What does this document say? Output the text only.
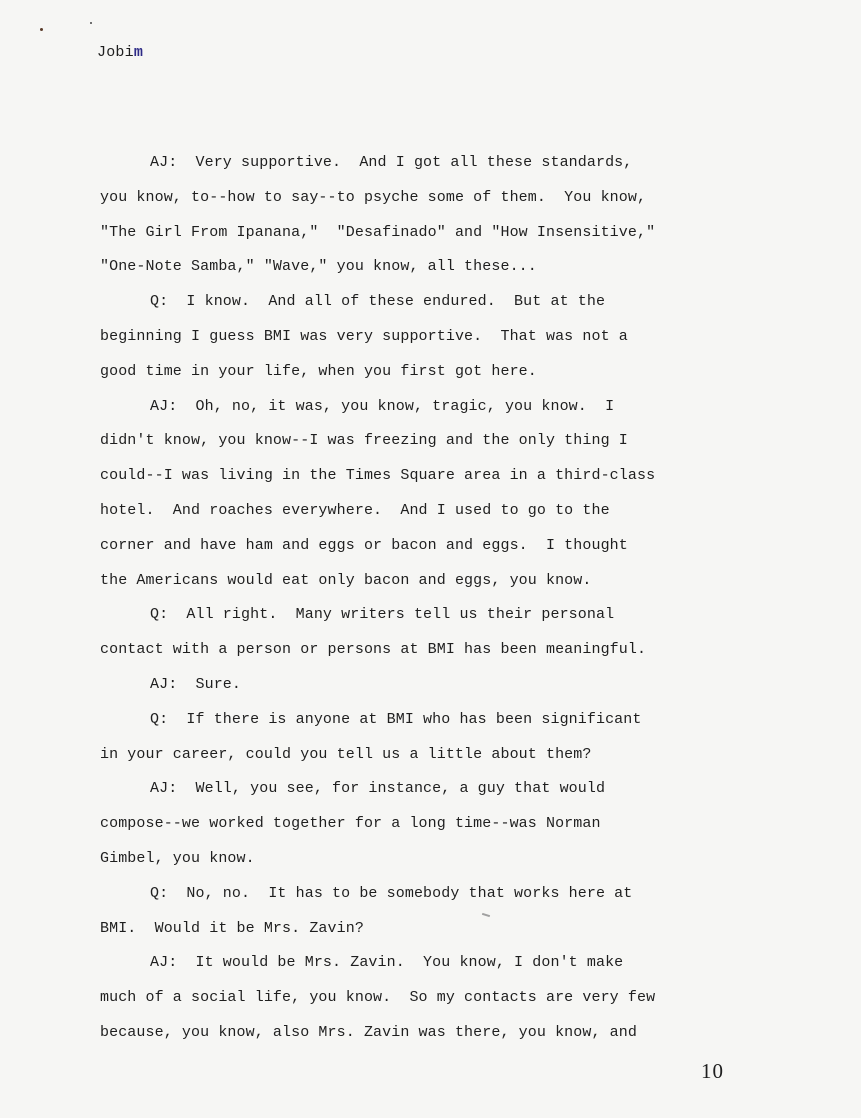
Jobim
AJ:  Very supportive.  And I got all these standards,
you know, to--how to say--to psyche some of them.  You know,
"The Girl From Ipanana,"  "Desafinado" and "How Insensitive,"
"One-Note Samba," "Wave," you know, all these...
Q:  I know.  And all of these endured.  But at the
beginning I guess BMI was very supportive.  That was not a
good time in your life, when you first got here.
AJ:  Oh, no, it was, you know, tragic, you know.  I
didn't know, you know--I was freezing and the only thing I
could--I was living in the Times Square area in a third-class
hotel.  And roaches everywhere.  And I used to go to the
corner and have ham and eggs or bacon and eggs.  I thought
the Americans would eat only bacon and eggs, you know.
Q:  All right.  Many writers tell us their personal
contact with a person or persons at BMI has been meaningful.
AJ:  Sure.
Q:  If there is anyone at BMI who has been significant
in your career, could you tell us a little about them?
AJ:  Well, you see, for instance, a guy that would
compose--we worked together for a long time--was Norman
Gimbel, you know.
Q:  No, no.  It has to be somebody that works here at
BMI.  Would it be Mrs. Zavin?
AJ:  It would be Mrs. Zavin.  You know, I don't make
much of a social life, you know.  So my contacts are very few
because, you know, also Mrs. Zavin was there, you know, and
10
